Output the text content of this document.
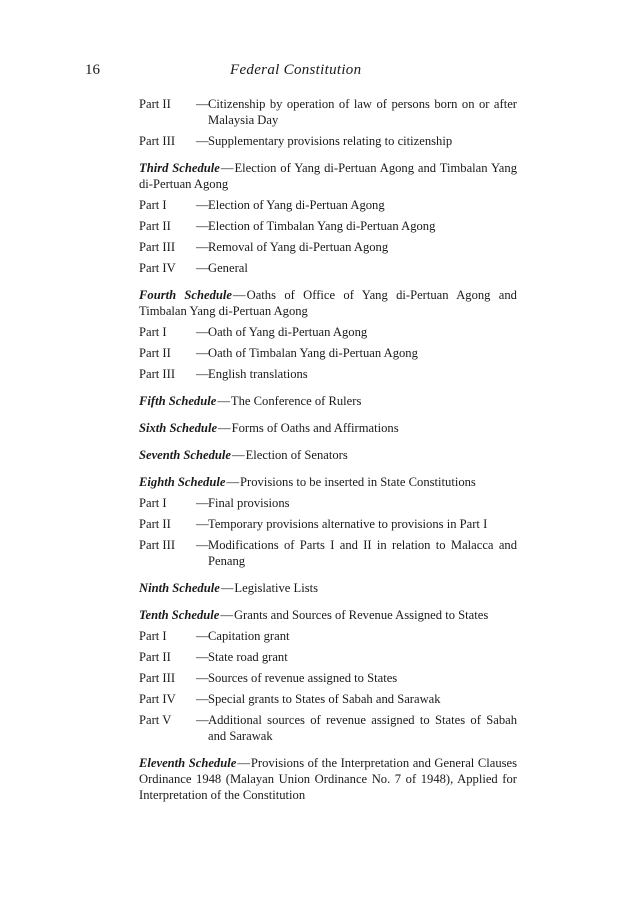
16	Federal Constitution
Part II	— Citizenship by operation of law of persons born on or after Malaysia Day
Part III	— Supplementary provisions relating to citizenship
Third Schedule—Election of Yang di-Pertuan Agong and Timbalan Yang di-Pertuan Agong
Part I	— Election of Yang di-Pertuan Agong
Part II	— Election of Timbalan Yang di-Pertuan Agong
Part III	— Removal of Yang di-Pertuan Agong
Part IV	— General
Fourth Schedule—Oaths of Office of Yang di-Pertuan Agong and Timbalan Yang di-Pertuan Agong
Part I	— Oath of Yang di-Pertuan Agong
Part II	— Oath of Timbalan Yang di-Pertuan Agong
Part III	— English translations
Fifth Schedule—The Conference of Rulers
Sixth Schedule—Forms of Oaths and Affirmations
Seventh Schedule—Election of Senators
Eighth Schedule—Provisions to be inserted in State Constitutions
Part I	— Final provisions
Part II	— Temporary provisions alternative to provisions in Part I
Part III	— Modifications of Parts I and II in relation to Malacca and Penang
Ninth Schedule—Legislative Lists
Tenth Schedule—Grants and Sources of Revenue Assigned to States
Part I	— Capitation grant
Part II	— State road grant
Part III	— Sources of revenue assigned to States
Part IV	— Special grants to States of Sabah and Sarawak
Part V	— Additional sources of revenue assigned to States of Sabah and Sarawak
Eleventh Schedule—Provisions of the Interpretation and General Clauses Ordinance 1948 (Malayan Union Ordinance No. 7 of 1948), Applied for Interpretation of the Constitution
